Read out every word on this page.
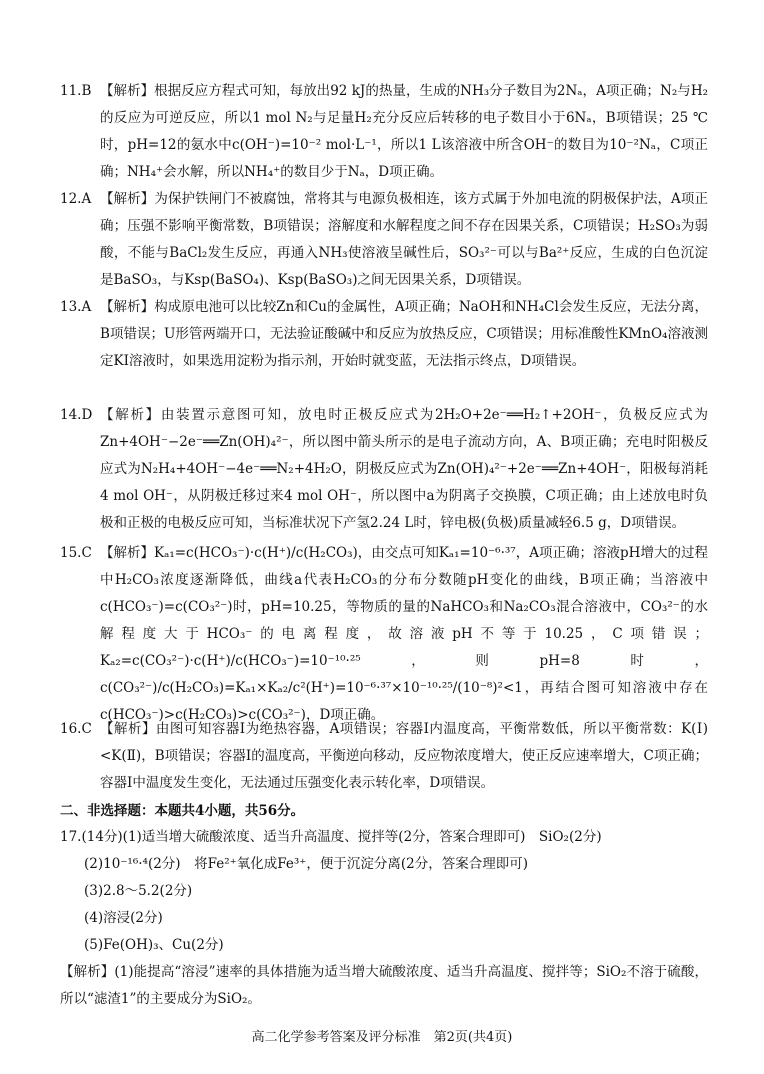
11.B 【解析】根据反应方程式可知，每放出92 kJ的热量，生成的NH₃分子数目为2Nₐ，A项正确；N₂与H₂的反应为可逆反应，所以1 mol N₂与足量H₂充分反应后转移的电子数目小于6Nₐ，B项错误；25 ℃时，pH=12的氨水中c(OH⁻)=10⁻² mol·L⁻¹，所以1 L该溶液中所含OH⁻的数目为10⁻²Nₐ，C项正确；NH₄⁺会水解，所以NH₄⁺的数目少于Nₐ，D项正确。
12.A 【解析】为保护铁闸门不被腐蚀，常将其与电源负极相连，该方式属于外加电流的阴极保护法，A项正确；压强不影响平衡常数，B项错误；溶解度和水解程度之间不存在因果关系，C项错误；H₂SO₃为弱酸，不能与BaCl₂发生反应，再通入NH₃使溶液呈碱性后，SO₃²⁻可以与Ba²⁺反应，生成的白色沉淀是BaSO₃，与Ksp(BaSO₄)、Ksp(BaSO₃)之间无因果关系，D项错误。
13.A 【解析】构成原电池可以比较Zn和Cu的金属性，A项正确；NaOH和NH₄Cl会发生反应，无法分离，B项错误；U形管两端开口，无法验证酸碱中和反应为放热反应，C项错误；用标准酸性KMnO₄溶液测定KI溶液时，如果选用淀粉为指示剂，开始时就变蓝，无法指示终点，D项错误。
14.D 【解析】由装置示意图可知，放电时正极反应式为2H₂O+2e⁻══H₂↑+2OH⁻，负极反应式为Zn+4OH⁻−2e⁻══Zn(OH)₄²⁻，所以图中箭头所示的是电子流动方向，A、B项正确；充电时阳极反应式为N₂H₄+4OH⁻−4e⁻══N₂+4H₂O，阴极反应式为Zn(OH)₄²⁻+2e⁻══Zn+4OH⁻，阳极每消耗4 mol OH⁻，从阴极迁移过来4 mol OH⁻，所以图中a为阴离子交换膜，C项正确；由上述放电时负极和正极的电极反应可知，当标准状况下产氢2.24 L时，锌电极(负极)质量减轻6.5 g，D项错误。
15.C 【解析】Kₐ₁=c(HCO₃⁻)·c(H⁺)/c(H₂CO₃)，由交点可知Kₐ₁=10⁻⁶·³⁷，A项正确；溶液pH增大的过程中H₂CO₃浓度逐渐降低，曲线a代表H₂CO₃的分布分数随pH变化的曲线，B项正确；当溶液中c(HCO₃⁻)=c(CO₃²⁻)时，pH=10.25，等物质的量的NaHCO₃和Na₂CO₃混合溶液中，CO₃²⁻的水解程度大于HCO₃⁻的电离程度，故溶液pH不等于10.25，C项错误；Kₐ₂=c(CO₃²⁻)·c(H⁺)/c(HCO₃⁻)=10⁻¹⁰·²⁵，则pH=8时，c(CO₃²⁻)/c(H₂CO₃)=Kₐ₁×Kₐ₂/c²(H⁺)=10⁻⁶·³⁷×10⁻¹⁰·²⁵/(10⁻⁸)²<1，再结合图可知溶液中存在c(HCO₃⁻)>c(H₂CO₃)>c(CO₃²⁻)，D项正确。
16.C 【解析】由图可知容器Ⅰ为绝热容器，A项错误；容器Ⅰ内温度高，平衡常数低，所以平衡常数：K(Ⅰ)<K(Ⅱ)，B项错误；容器Ⅰ的温度高，平衡逆向移动，反应物浓度增大，使正反应速率增大，C项正确；容器Ⅰ中温度发生变化，无法通过压强变化表示转化率，D项错误。
二、非选择题：本题共4小题，共56分。

17.(14分)(1)适当增大硫酸浓度、适当升高温度、搅拌等(2分，答案合理即可)　SiO₂(2分)

(2)10⁻¹⁶·⁴(2分)　将Fe²⁺氧化成Fe³⁺，便于沉淀分离(2分，答案合理即可)

(3)2.8～5.2(2分)

(4)溶浸(2分)

(5)Fe(OH)₃、Cu(2分)

【解析】(1)能提高“溶浸”速率的具体措施为适当增大硫酸浓度、适当升高温度、搅拌等；SiO₂不溶于硫酸，所以“滤渣1”的主要成分为SiO₂。

高二化学参考答案及评分标准　第2页(共4页)
